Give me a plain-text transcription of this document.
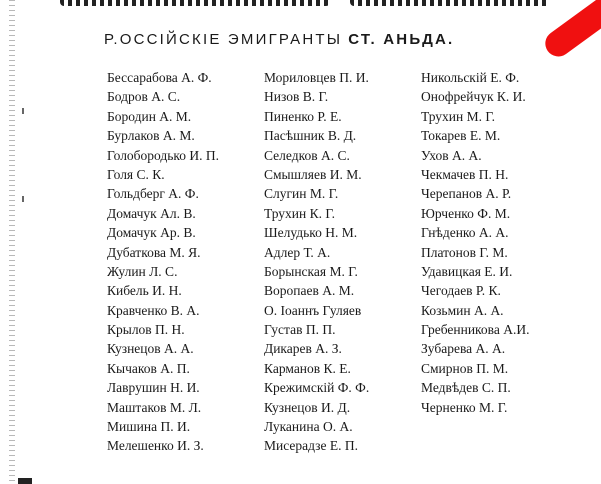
Р.ОССІЙСКІЕ ЭМИГРАНТЫ СТ. АНЬДА.
Бессарабова А. Ф.
Бодров А. С.
Бородин А. М.
Бурлаков А. М.
Голобородько И. П.
Голя С. К.
Гольдберг А. Ф.
Домачук Ал. В.
Домачук Ар. В.
Дубаткова М. Я.
Жулин Л. С.
Кибель И. Н.
Кравченко В. А.
Крылов П. Н.
Кузнецов А. А.
Кычаков А. П.
Лаврушин Н. И.
Маштаков М. Л.
Мишина П. И.
Мелешенко И. З.
Мориловцев П. И.
Низов В. Г.
Пиненко Р. Е.
Пасѣшник В. Д.
Селедков А. С.
Смышляев И. М.
Слугин М. Г.
Трухин К. Г.
Шелудько Н. М.
Адлер Т. А.
Борынская М. Г.
Воропаев А. М.
О. Іоаннъ Гуляев
Густав П. П.
Дикарев А. З.
Карманов К. Е.
Крежимскій Ф. Ф.
Кузнецов И. Д.
Луканина О. А.
Мисерадзе Е. П.
Никольскій Е. Ф.
Онофрейчук К. И.
Трухин М. Г.
Токарев Е. М.
Ухов А. А.
Чекмачев П. Н.
Черепанов А. Р.
Юрченко Ф. М.
Гнѣденко А. А.
Платонов Г. М.
Удавицкая Е. И.
Чегодаев Р. К.
Козьмин А. А.
Гребенникова А.И.
Зубарева А. А.
Смирнов П. М.
Медвѣдев С. П.
Черненко М. Г.
